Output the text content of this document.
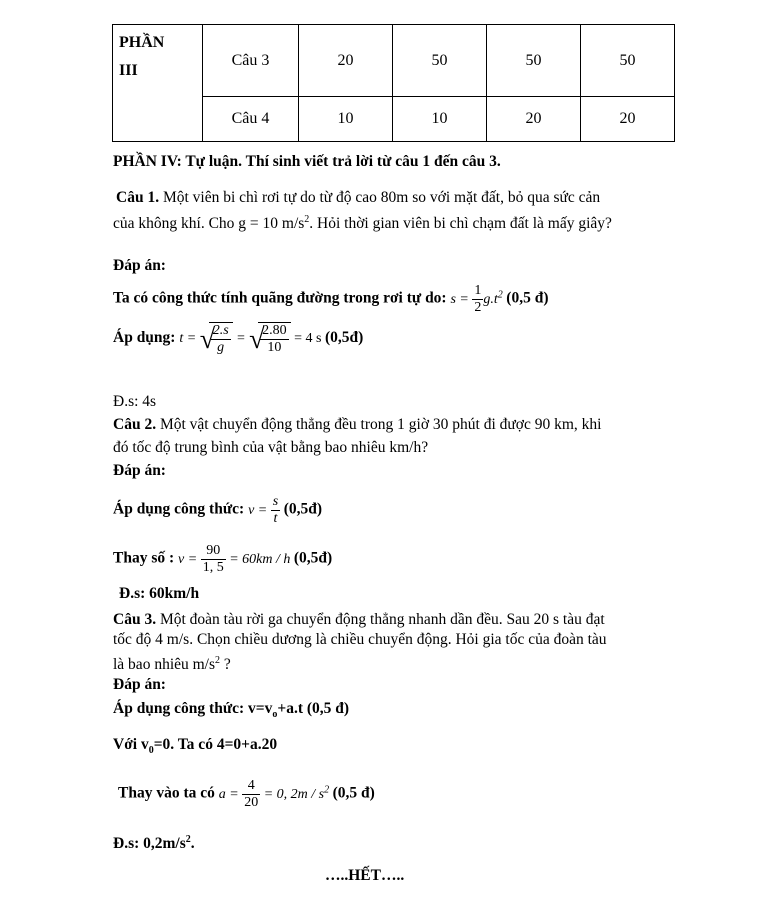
PHẦN
III	Câu 3	20	50	50	50
	Câu 4	10	10	20	20
PHẦN IV: Tự luận. Thí sinh viết trả lời từ câu 1 đến câu 3.
Câu 1. Một viên bi chì rơi tự do từ độ cao 80m so với mặt đất, bỏ qua sức cản
của không khí. Cho g = 10 $m/s^2$. Hỏi thời gian viên bi chì chạm đất là mấy giây?
Đáp án:
Ta có công thức tính quãng đường trong rơi tự do: $s = \frac{1}{2} g.t^2$ (0,5 đ)
Áp dụng: t = √
$\frac{2.s}{g}$ = √
$\frac{2.80}{10} = 4$ s (0,5đ)
Đ.s: 4s
Câu 2. Một vật chuyển động thẳng đều trong 1 giờ 30 phút đi được 90 km, khi
đó tốc độ trung bình của vật bằng bao nhiêu km/h?
Đáp án:
Áp dụng công thức: $v = \frac{s}{t}$ (0,5đ)
Thay số : $v = \frac{90}{1, 5} = 60km / h$ (0,5đ)
Đ.s: 60km/h
Câu 3. Một đoàn tàu rời ga chuyển động thẳng nhanh dần đều. Sau 20 s tàu đạt
tốc độ 4 m/s. Chọn chiều dương là chiều chuyển động. Hỏi gia tốc của đoàn tàu
là bao nhiêu $m/s^2$ ?
Đáp án:
Áp dụng công thức: $v=v_o+a.t$ (0,5 đ)
Với $v_0=0$. Ta có 4=0+a.20
Thay vào ta có $a = \frac{4}{20} = 0$, $2m / s^2$ (0,5 đ)
Đ.s: $0,2m/s^2$.
…..HẾT…..
